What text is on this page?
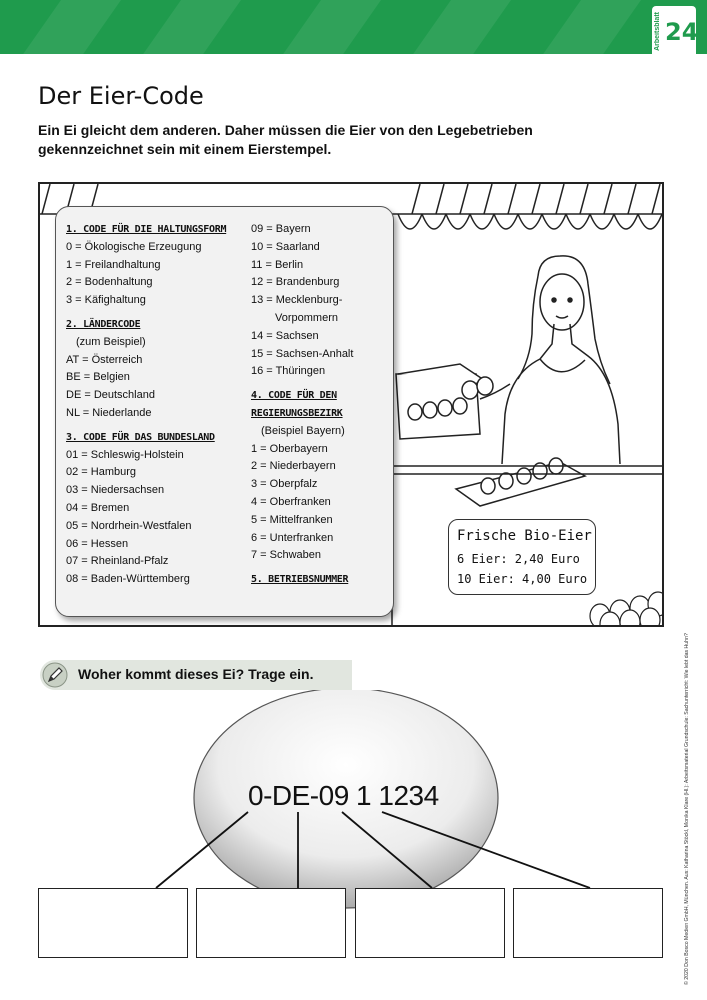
Arbeitsblatt 24
Der Eier-Code

Ein Ei gleicht dem anderen. Daher müssen die Eier von den Legebetrieben gekennzeichnet sein mit einem Eierstempel.

1. CODE FÜR DIE HALTUNGSFORM
0 = Ökologische Erzeugung
1 = Freilandhaltung
2 = Bodenhaltung
3 = Käfighaltung
2. LÄNDERCODE
(zum Beispiel)
AT = Österreich
BE = Belgien
DE = Deutschland
NL = Niederlande
3. CODE FÜR DAS BUNDESLAND
01 = Schleswig-Holstein
02 = Hamburg
03 = Niedersachsen
04 = Bremen
05 = Nordrhein-Westfalen
06 = Hessen
07 = Rheinland-Pfalz
08 = Baden-Württemberg
09 = Bayern
10 = Saarland
11 = Berlin
12 = Brandenburg
13 = Mecklenburg-
Vorpommern
14 = Sachsen
15 = Sachsen-Anhalt
16 = Thüringen
4. CODE FÜR DEN
REGIERUNGSBEZIRK
(Beispiel Bayern)
1 = Oberbayern
2 = Niederbayern
3 = Oberpfalz
4 = Oberfranken
5 = Mittelfranken
6 = Unterfranken
7 = Schwaben
5. BETRIEBSNUMMER
Frische Bio-Eier
6 Eier: 2,40 Euro
10 Eier: 4,00 Euro
Woher kommt dieses Ei? Trage ein.
0-DE-09 1 1234	© 2020 Don Bosco Medien GmbH, München. Aus: Katharina Stöckl, Monika Klare (Hl.): Arbeitsmaterial Grundschule: Sachunterricht: Wie lebt das Huhn?
